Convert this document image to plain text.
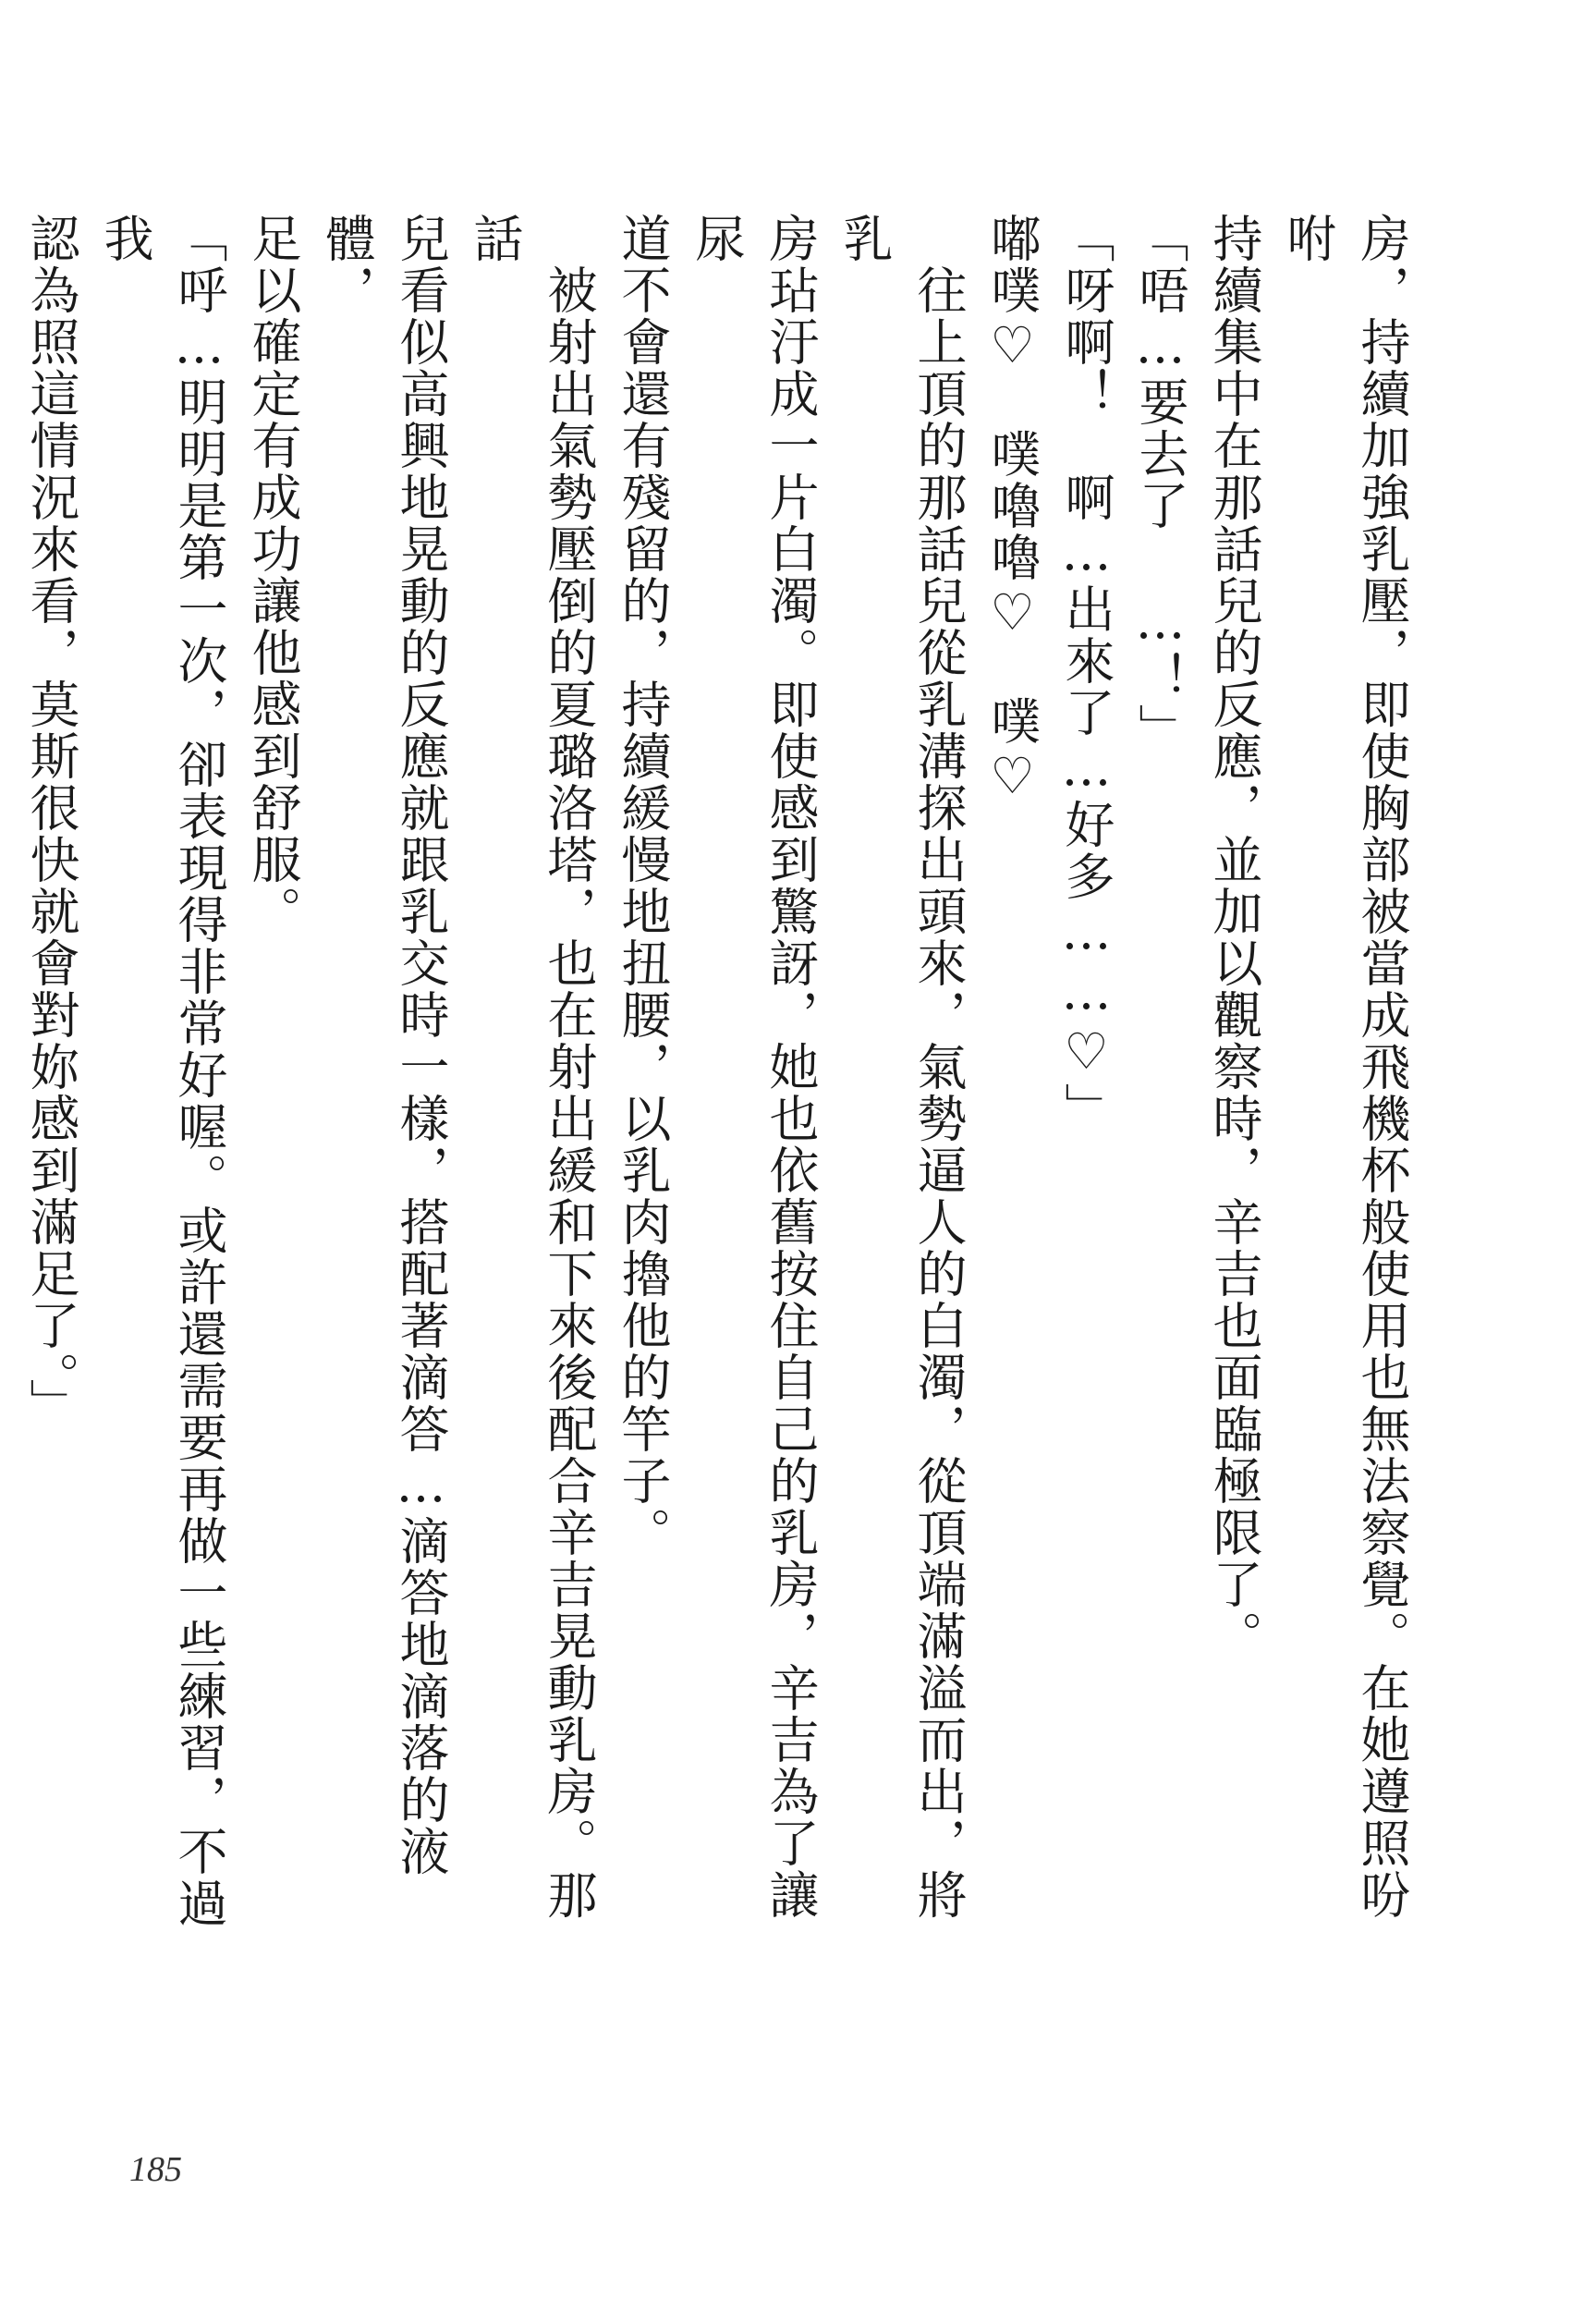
房，持續加強乳壓，即使胸部被當成飛機杯般使用也無法察覺。在她遵照吩咐

持續集中在那話兒的反應，並加以觀察時，辛吉也面臨極限了。

「唔…要去了 …！」

「呀啊！　啊…出來了…好多……♡」

嘟噗♡　噗嚕嚕♡　噗♡

　往上頂的那話兒從乳溝探出頭來，氣勢逼人的白濁，從頂端滿溢而出，將乳

房玷汙成一片白濁。即使感到驚訝，她也依舊按住自己的乳房，辛吉為了讓尿

道不會還有殘留的，持續緩慢地扭腰，以乳肉擼他的竿子。

　被射出氣勢壓倒的夏璐洛塔，也在射出緩和下來後配合辛吉晃動乳房。那話

兒看似高興地晃動的反應就跟乳交時一樣，搭配著滴答…滴答地滴落的液體，

足以確定有成功讓他感到舒服。

「呼…明明是第一次，卻表現得非常好喔。或許還需要再做一些練習，不過我

認為照這情況來看，莫斯很快就會對妳感到滿足了。」

185
